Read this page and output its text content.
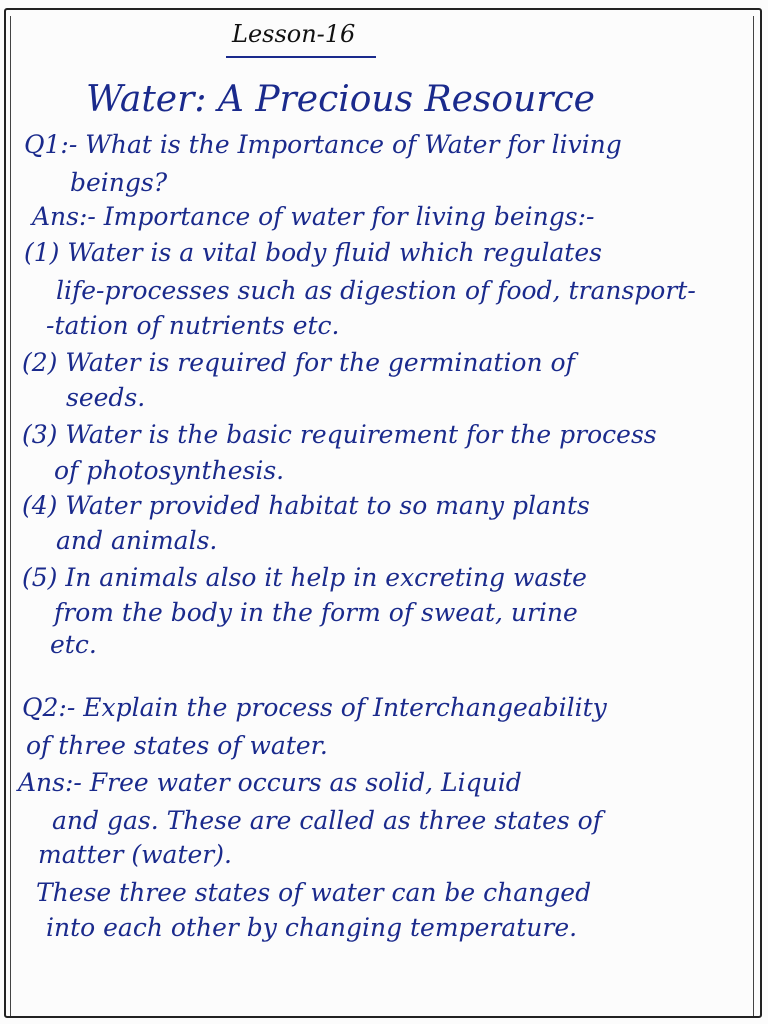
Lesson-16
Water: A Precious Resource
Q1:- What is the Importance of Water for living
beings?
Ans:- Importance of water for living beings:-
(1) Water is a vital body fluid which regulates
life-processes such as digestion of food, transport-
-tation of nutrients etc.
(2) Water is required for the germination of
seeds.
(3) Water is the basic requirement for the process
of photosynthesis.
(4) Water provided habitat to so many plants
and animals.
(5) In animals also it help in excreting waste
from the body in the form of sweat, urine
etc.
Q2:- Explain the process of Interchangeability
of three states of water.
Ans:- Free water occurs as solid, Liquid
and gas. These are called as three states of
matter (water).
These three states of water can be changed
into each other by changing temperature.
